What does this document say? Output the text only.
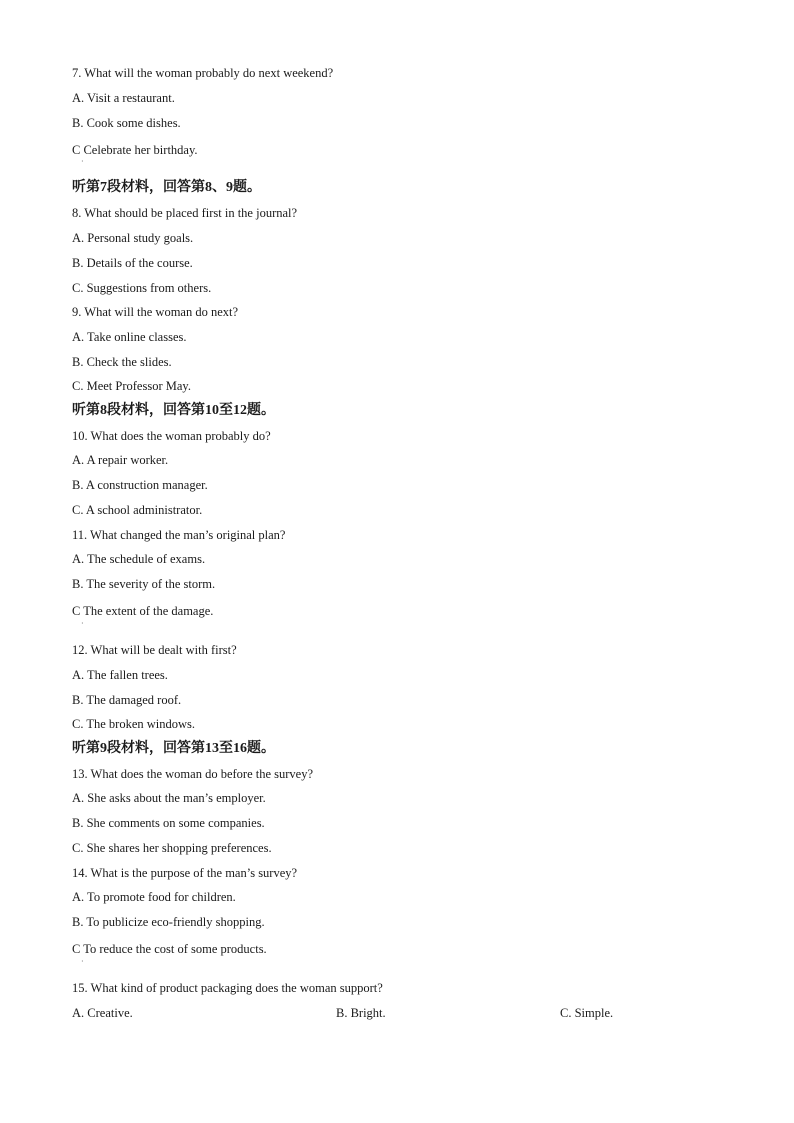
7. What will the woman probably do next weekend?
A. Visit a restaurant.
B. Cook some dishes.
C Celebrate her birthday.
·
听第7段材料，回答第8、9题。
8. What should be placed first in the journal?
A. Personal study goals.
B. Details of the course.
C. Suggestions from others.
9. What will the woman do next?
A. Take online classes.
B. Check the slides.
C. Meet Professor May.
听第8段材料，回答第10至12题。
10. What does the woman probably do?
A. A repair worker.
B. A construction manager.
C. A school administrator.
11. What changed the man’s original plan?
A. The schedule of exams.
B. The severity of the storm.
C The extent of the damage.
·
12. What will be dealt with first?
A. The fallen trees.
B. The damaged roof.
C. The broken windows.
听第9段材料，回答第13至16题。
13. What does the woman do before the survey?
A. She asks about the man’s employer.
B. She comments on some companies.
C. She shares her shopping preferences.
14. What is the purpose of the man’s survey?
A. To promote food for children.
B. To publicize eco-friendly shopping.
C To reduce the cost of some products.
·
15. What kind of product packaging does the woman support?
A. Creative.	B. Bright.	C. Simple.
